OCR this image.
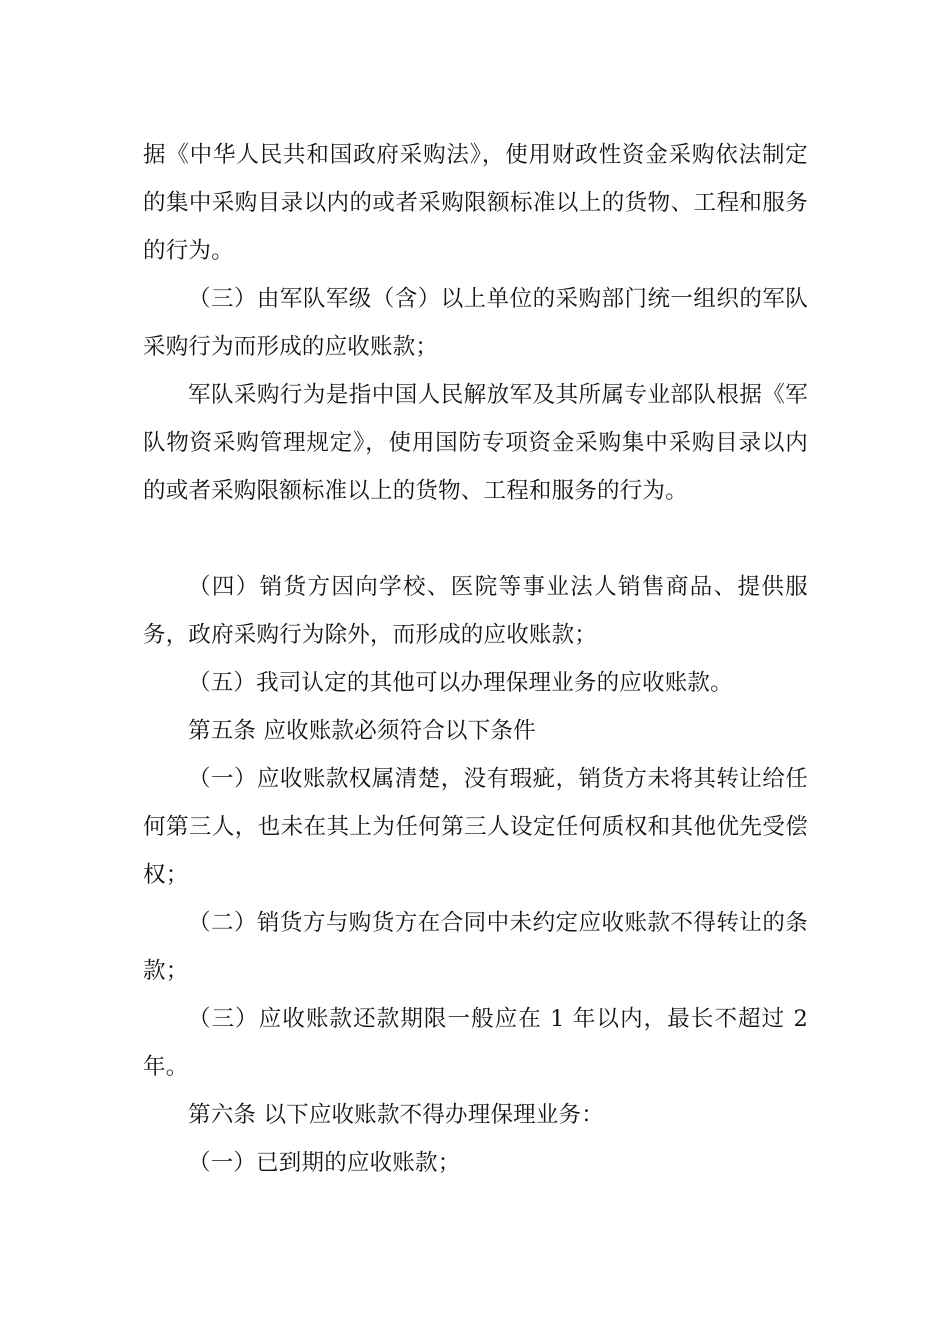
据《中华人民共和国政府采购法》，使用财政性资金采购依法制定的集中采购目录以内的或者采购限额标准以上的货物、工程和服务的行为。

（三）由军队军级（含）以上单位的采购部门统一组织的军队采购行为而形成的应收账款；

军队采购行为是指中国人民解放军及其所属专业部队根据《军队物资采购管理规定》，使用国防专项资金采购集中采购目录以内的或者采购限额标准以上的货物、工程和服务的行为。

（四）销货方因向学校、医院等事业法人销售商品、提供服务，政府采购行为除外，而形成的应收账款；

（五）我司认定的其他可以办理保理业务的应收账款。

第五条 应收账款必须符合以下条件

（一）应收账款权属清楚，没有瑕疵，销货方未将其转让给任何第三人，也未在其上为任何第三人设定任何质权和其他优先受偿权；

（二）销货方与购货方在合同中未约定应收账款不得转让的条款；

（三）应收账款还款期限一般应在 1 年以内，最长不超过 2 年。

第六条 以下应收账款不得办理保理业务：

（一）已到期的应收账款；
